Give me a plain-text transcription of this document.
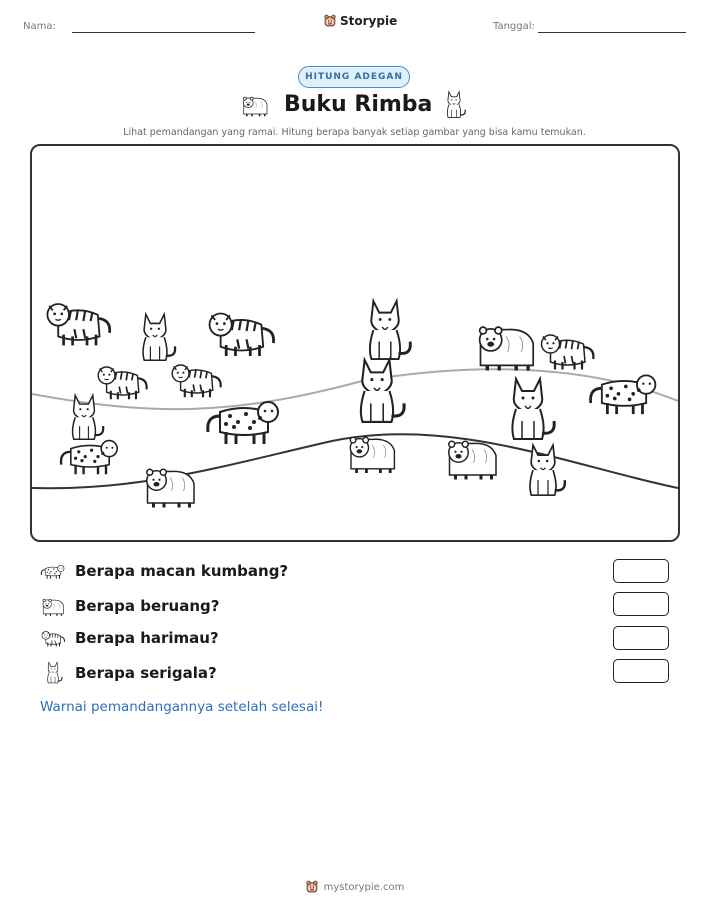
Nama:	Storypie	Tanggal:
HITUNG ADEGAN
Buku Rimba
Lihat pemandangan yang ramai. Hitung berapa banyak setiap gambar yang bisa kamu temukan.
Berapa macan kumbang?
Berapa beruang?
Berapa harimau?
Berapa serigala?
Warnai pemandangannya setelah selesai!
mystorypie.com
